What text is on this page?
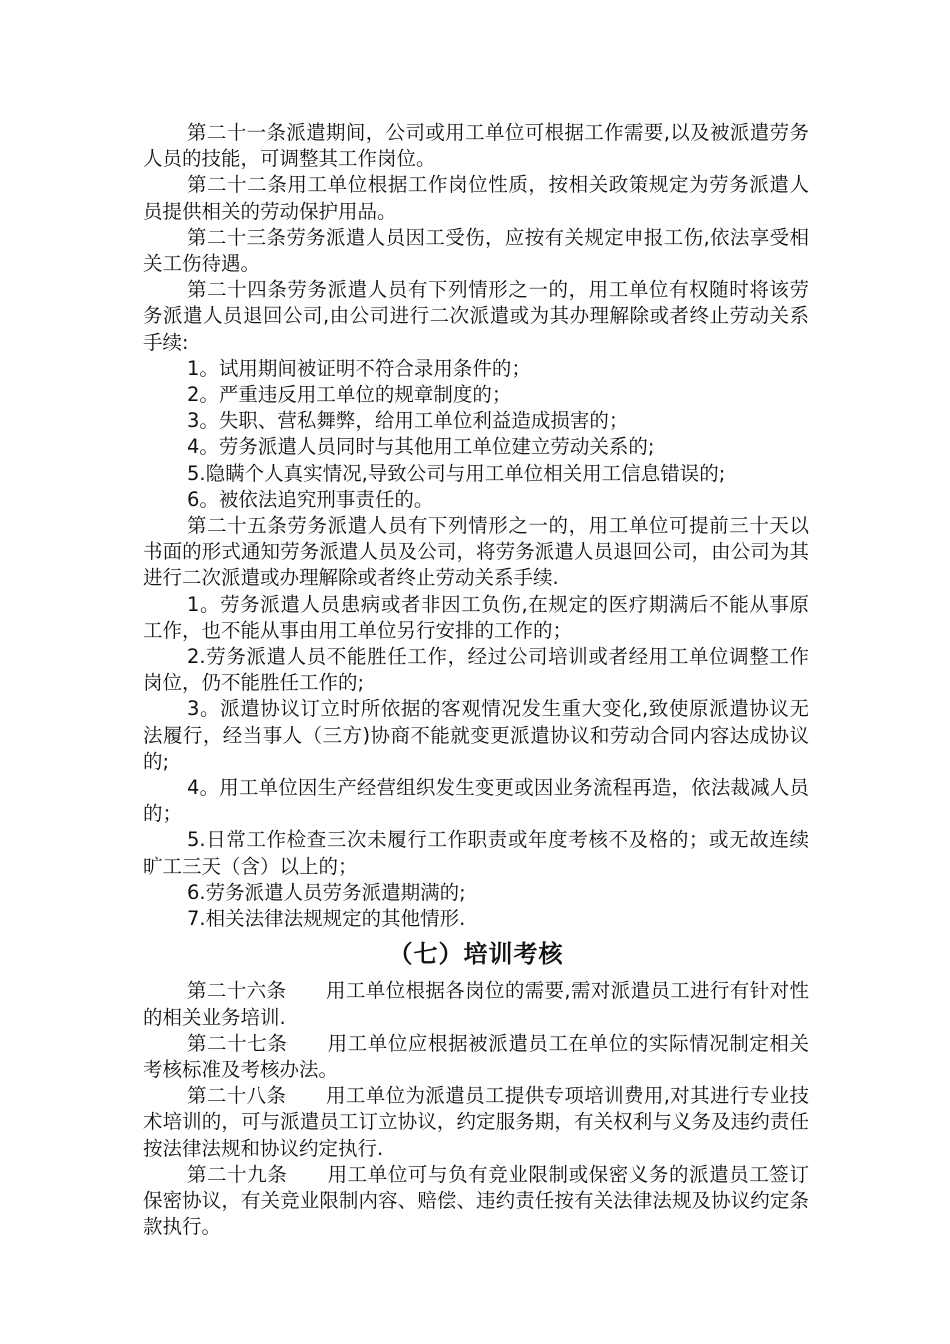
第二十一条派遣期间，公司或用工单位可根据工作需要,以及被派遣劳务人员的技能，可调整其工作岗位。

第二十二条用工单位根据工作岗位性质，按相关政策规定为劳务派遣人员提供相关的劳动保护用品。

第二十三条劳务派遣人员因工受伤，应按有关规定申报工伤,依法享受相关工伤待遇。

第二十四条劳务派遣人员有下列情形之一的，用工单位有权随时将该劳务派遣人员退回公司,由公司进行二次派遣或为其办理解除或者终止劳动关系手续:

1。试用期间被证明不符合录用条件的；

2。严重违反用工单位的规章制度的；

3。失职、营私舞弊，给用工单位利益造成损害的；

4。劳务派遣人员同时与其他用工单位建立劳动关系的;

5.隐瞒个人真实情况,导致公司与用工单位相关用工信息错误的;

6。被依法追究刑事责任的。

第二十五条劳务派遣人员有下列情形之一的，用工单位可提前三十天以书面的形式通知劳务派遣人员及公司，将劳务派遣人员退回公司，由公司为其进行二次派遣或办理解除或者终止劳动关系手续.

1。劳务派遣人员患病或者非因工负伤,在规定的医疗期满后不能从事原工作，也不能从事由用工单位另行安排的工作的；

2.劳务派遣人员不能胜任工作，经过公司培训或者经用工单位调整工作岗位，仍不能胜任工作的;

3。派遣协议订立时所依据的客观情况发生重大变化,致使原派遣协议无法履行，经当事人（三方)协商不能就变更派遣协议和劳动合同内容达成协议的;

4。用工单位因生产经营组织发生变更或因业务流程再造，依法裁减人员的；

5.日常工作检查三次未履行工作职责或年度考核不及格的；或无故连续旷工三天（含）以上的；

6.劳务派遣人员劳务派遣期满的;

7.相关法律法规规定的其他情形.

（七）培训考核

第二十六条　　用工单位根据各岗位的需要,需对派遣员工进行有针对性的相关业务培训.

第二十七条　　用工单位应根据被派遣员工在单位的实际情况制定相关考核标准及考核办法。

第二十八条　　用工单位为派遣员工提供专项培训费用,对其进行专业技术培训的，可与派遣员工订立协议，约定服务期，有关权利与义务及违约责任按法律法规和协议约定执行.

第二十九条　　用工单位可与负有竞业限制或保密义务的派遣员工签订保密协议，有关竞业限制内容、赔偿、违约责任按有关法律法规及协议约定条款执行。
